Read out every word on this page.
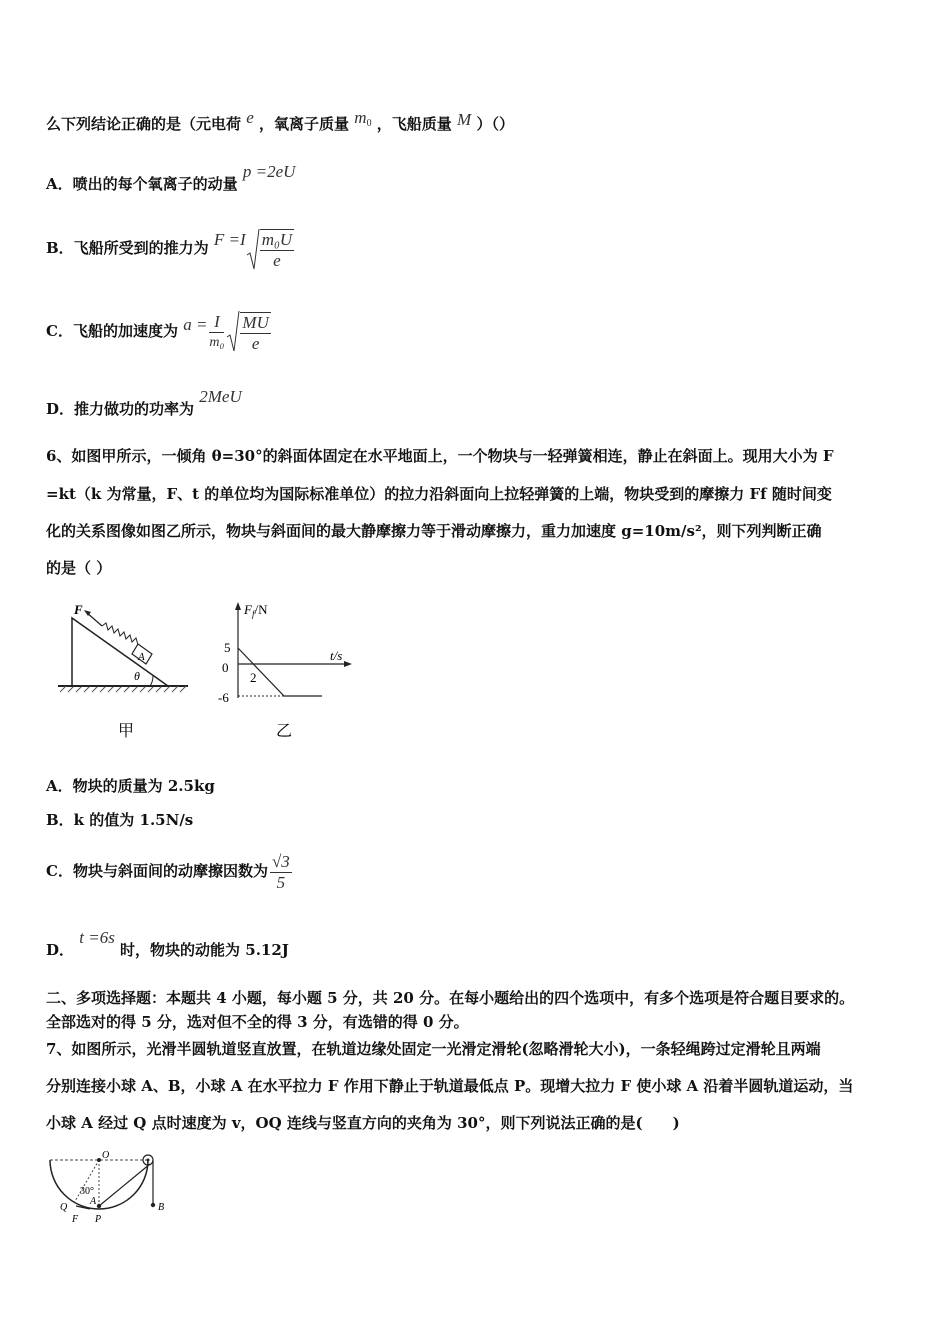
么下列结论正确的是（元电荷 e ，氧离子质量 $m_0$ ，飞船质量 M ）（）
A．喷出的每个氧离子的动量 p =2eU
B．飞船所受到的推力为 $F =I \frac{\text{m₀U}}{e}$
C．飞船的加速度为 $a = \frac{I}{\text{m₀}} \frac{MU}{e}$
D．推力做功的功率为 2MeU
6、如图甲所示，一倾角 θ=30°的斜面体固定在水平地面上，一个物块与一轻弹簧相连，静止在斜面上。现用大小为 F
=kt（k 为常量，F、t 的单位均为国际标准单位）的拉力沿斜面向上拉轻弹簧的上端，物块受到的摩擦力 Ff 随时间变
化的关系图像如图乙所示，物块与斜面间的最大静摩擦力等于滑动摩擦力，重力加速度 g=10m/s²，则下列判断正确
的是（ ）
A
F
θ
甲
$F_f/N$
t/s
5
0
-6
2
乙
A．物块的质量为 2.5kg
B．k 的值为 1.5N/s
C．物块与斜面间的动摩擦因数为 $\frac{√3}{5}$
D． t =6s 时，物块的动能为 5.12J
二、多项选择题：本题共 4 小题，每小题 5 分，共 20 分。在每小题给出的四个选项中，有多个选项是符合题目要求的。
全部选对的得 5 分，选对但不全的得 3 分，有选错的得 0 分。
7、如图所示，光滑半圆轨道竖直放置，在轨道边缘处固定一光滑定滑轮(忽略滑轮大小)，一条轻绳跨过定滑轮且两端
分别连接小球 A、B，小球 A 在水平拉力 F 作用下静止于轨道最低点 P。现增大拉力 F 使小球 A 沿着半圆轨道运动，当
小球 A 经过 Q 点时速度为 v，OQ 连线与竖直方向的夹角为 30°，则下列说法正确的是(　　)
O
30°
A
Q
F P
B
